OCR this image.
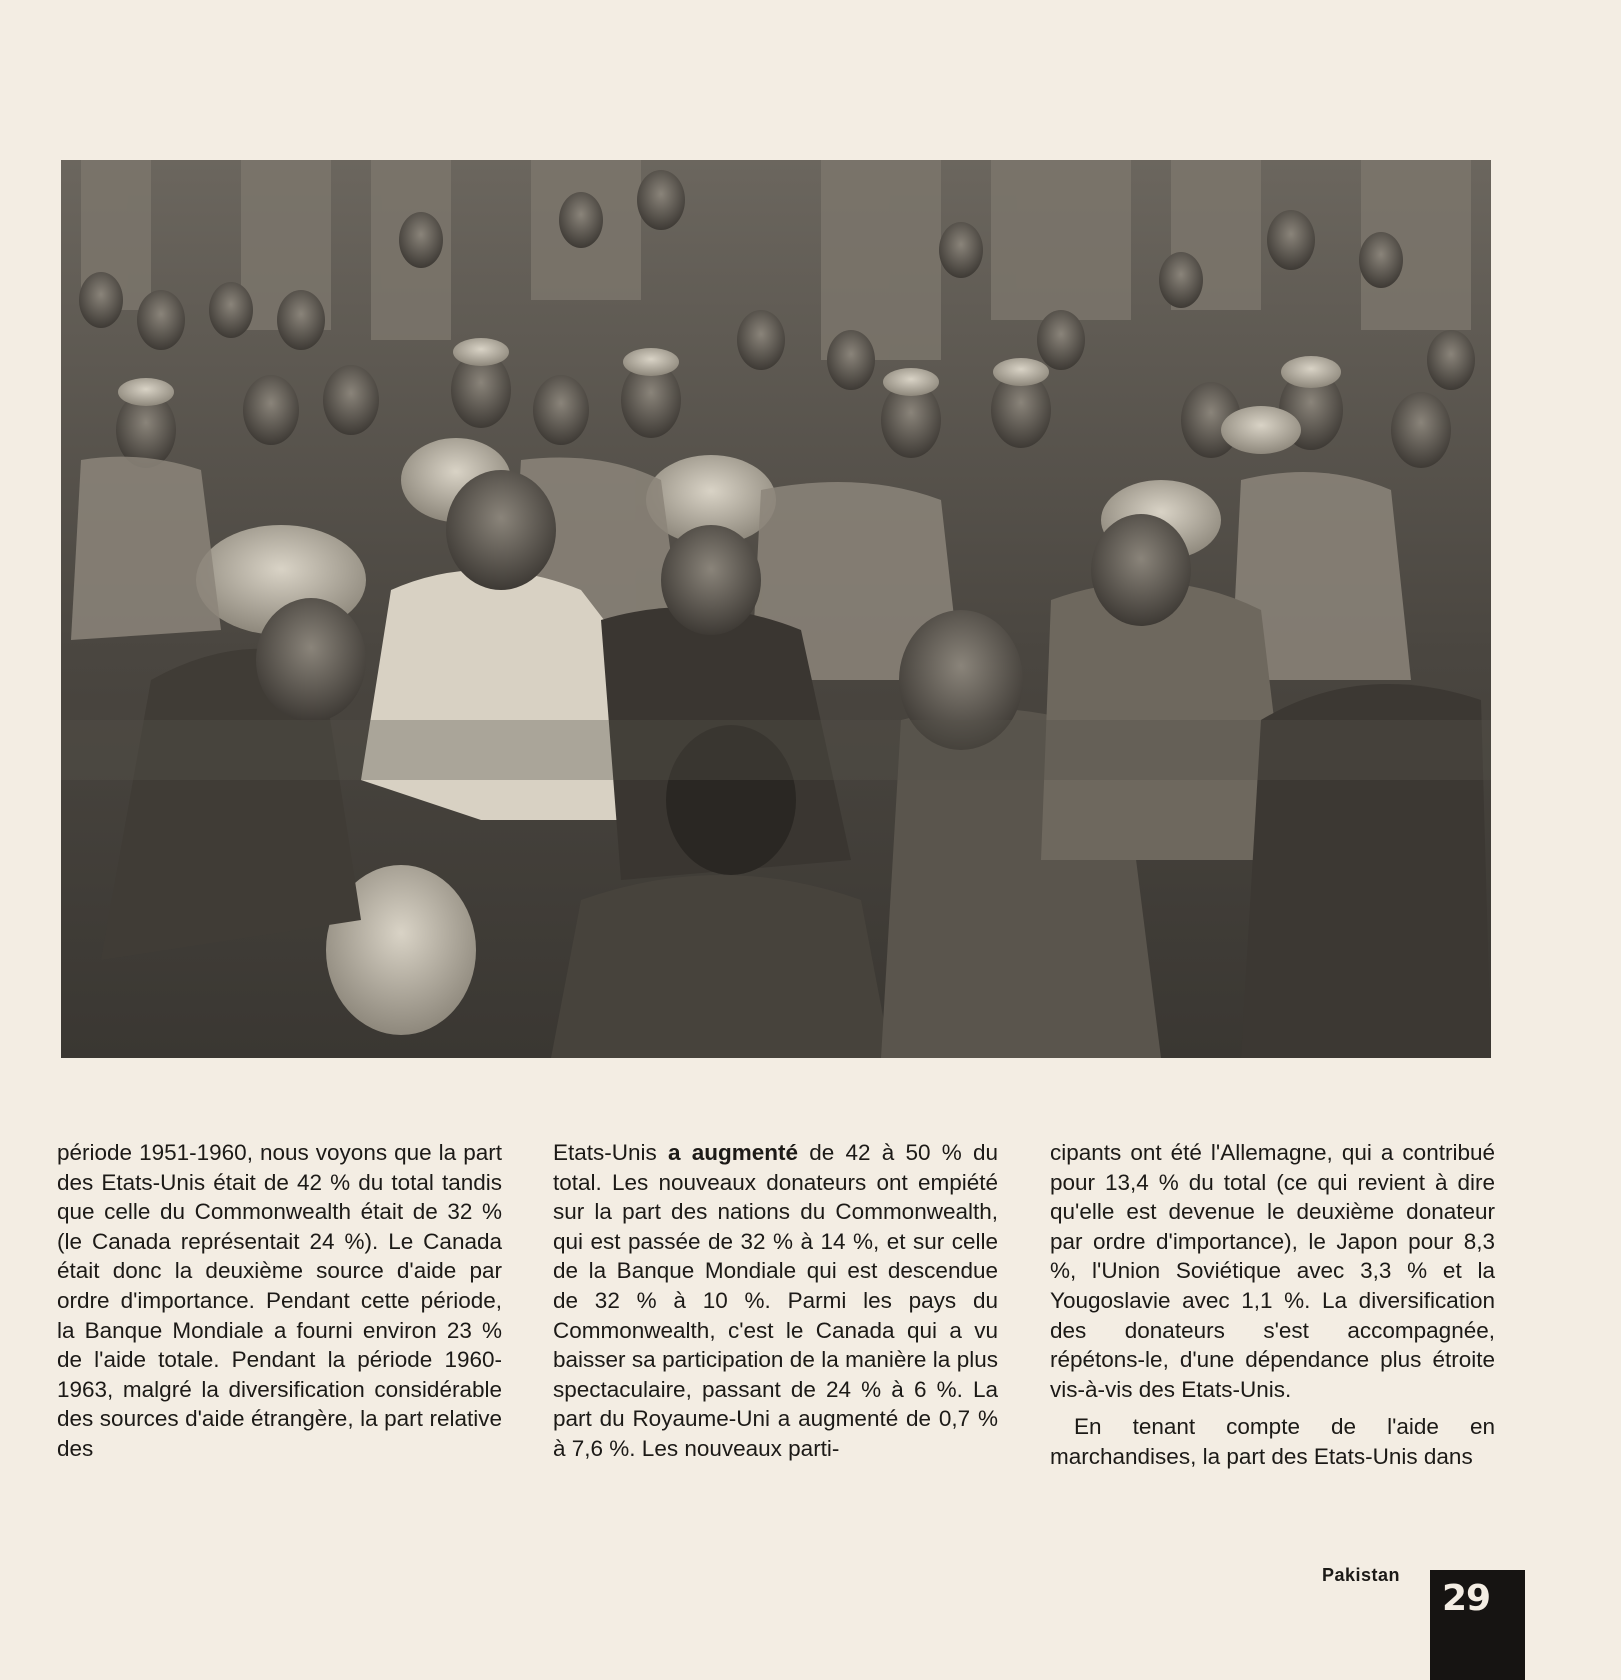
période 1951-1960, nous voyons que la part des Etats-Unis était de 42 % du total tandis que celle du Commonwealth était de 32 % (le Canada représentait 24 %). Le Canada était donc la deuxième source d'aide par ordre d'importance. Pendant cette période, la Banque Mondiale a fourni environ 23 % de l'aide totale. Pendant la période 1960-1963, malgré la diversification considérable des sources d'aide étrangère, la part relative des

Etats-Unis a augmenté de 42 à 50 % du total. Les nouveaux donateurs ont empiété sur la part des nations du Commonwealth, qui est passée de 32 % à 14 %, et sur celle de la Banque Mondiale qui est descendue de 32 % à 10 %. Parmi les pays du Commonwealth, c'est le Canada qui a vu baisser sa participation de la manière la plus spectaculaire, passant de 24 % à 6 %. La part du Royaume-Uni a augmenté de 0,7 % à 7,6 %. Les nouveaux parti-

cipants ont été l'Allemagne, qui a contribué pour 13,4 % du total (ce qui revient à dire qu'elle est devenue le deuxième donateur par ordre d'importance), le Japon pour 8,3 %, l'Union Soviétique avec 3,3 % et la Yougoslavie avec 1,1 %. La diversification des donateurs s'est accompagnée, répétons-le, d'une dépendance plus étroite vis-à-vis des Etats-Unis.

En tenant compte de l'aide en marchandises, la part des Etats-Unis dans

Pakistan
29
